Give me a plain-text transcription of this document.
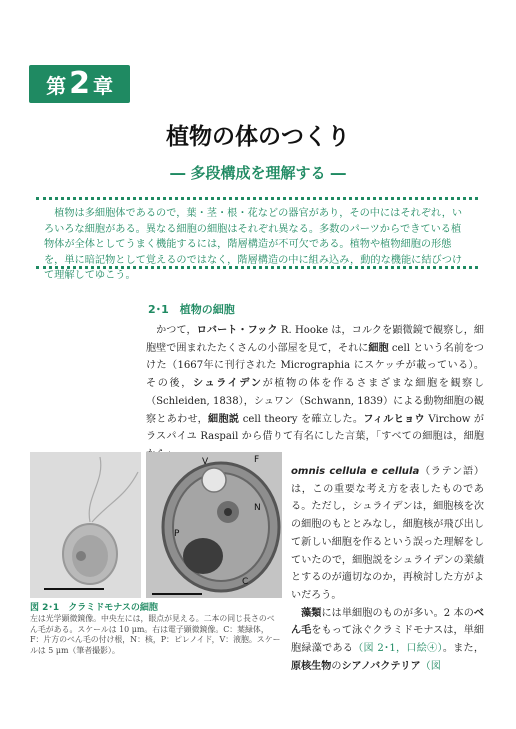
第 2 章
植物の体のつくり
― 多段構成を理解する ―
植物は多細胞体であるので，葉・茎・根・花などの器官があり，その中にはそれぞれ，いろいろな細胞がある。異なる細胞の細胞はそれぞれ異なる。多数のパーツからできている植物体が全体としてうまく機能するには，階層構造が不可欠である。植物や植物細胞の形態を，単に暗記物として覚えるのではなく，階層構造の中に組み込み，動的な機能に結びつけて理解してゆこう。
2･1　植物の細胞

かつて，ロバート・フック R. Hooke は，コルクを顕微鏡で観察し，細胞壁で囲まれたたくさんの小部屋を見て，それに細胞 cell という名前をつけた（1667年に刊行された Micrographia にスケッチが載っている）。その後，シュライデンが植物の体を作るさまざまな細胞を観察し（Schleiden, 1838），シュワン（Schwann, 1839）による動物細胞の観察とあわせ，細胞説 cell theory を確立した。フィルヒョウ Virchow がラスパイユ Raspail から借りて有名にした言葉，「すべての細胞は，細胞

omnis cellula e cellula（ラテン語）は，この重要な考え方を表したものである。ただし，シュライデンは，細胞核を次の細胞のもととみなし，細胞核が飛び出して新しい細胞を作るという誤った理解をしていたので，細胞説をシュライデンの業績とするのが適切なのか，再検討した方がよいだろう。

藻類には単細胞のものが多い。2 本のべん毛をもって泳ぐクラミドモナスは，単細胞緑藻である（図 2･1，口絵④）。また，原核生物のシアノバクテリア（図

V	F
N
P
C
図 2･1　 クラミドモナスの細胞
左は光学顕微鏡像。中央左には，眼点が見える。二本の同じ長さのべん毛がある。スケールは 10 μm。右は電子顕微鏡像。C：葉緑体，F：片方のべん毛の付け根，N：核，P：ピレノイド，V：液胞。スケールは 5 μm（筆者撮影）。
